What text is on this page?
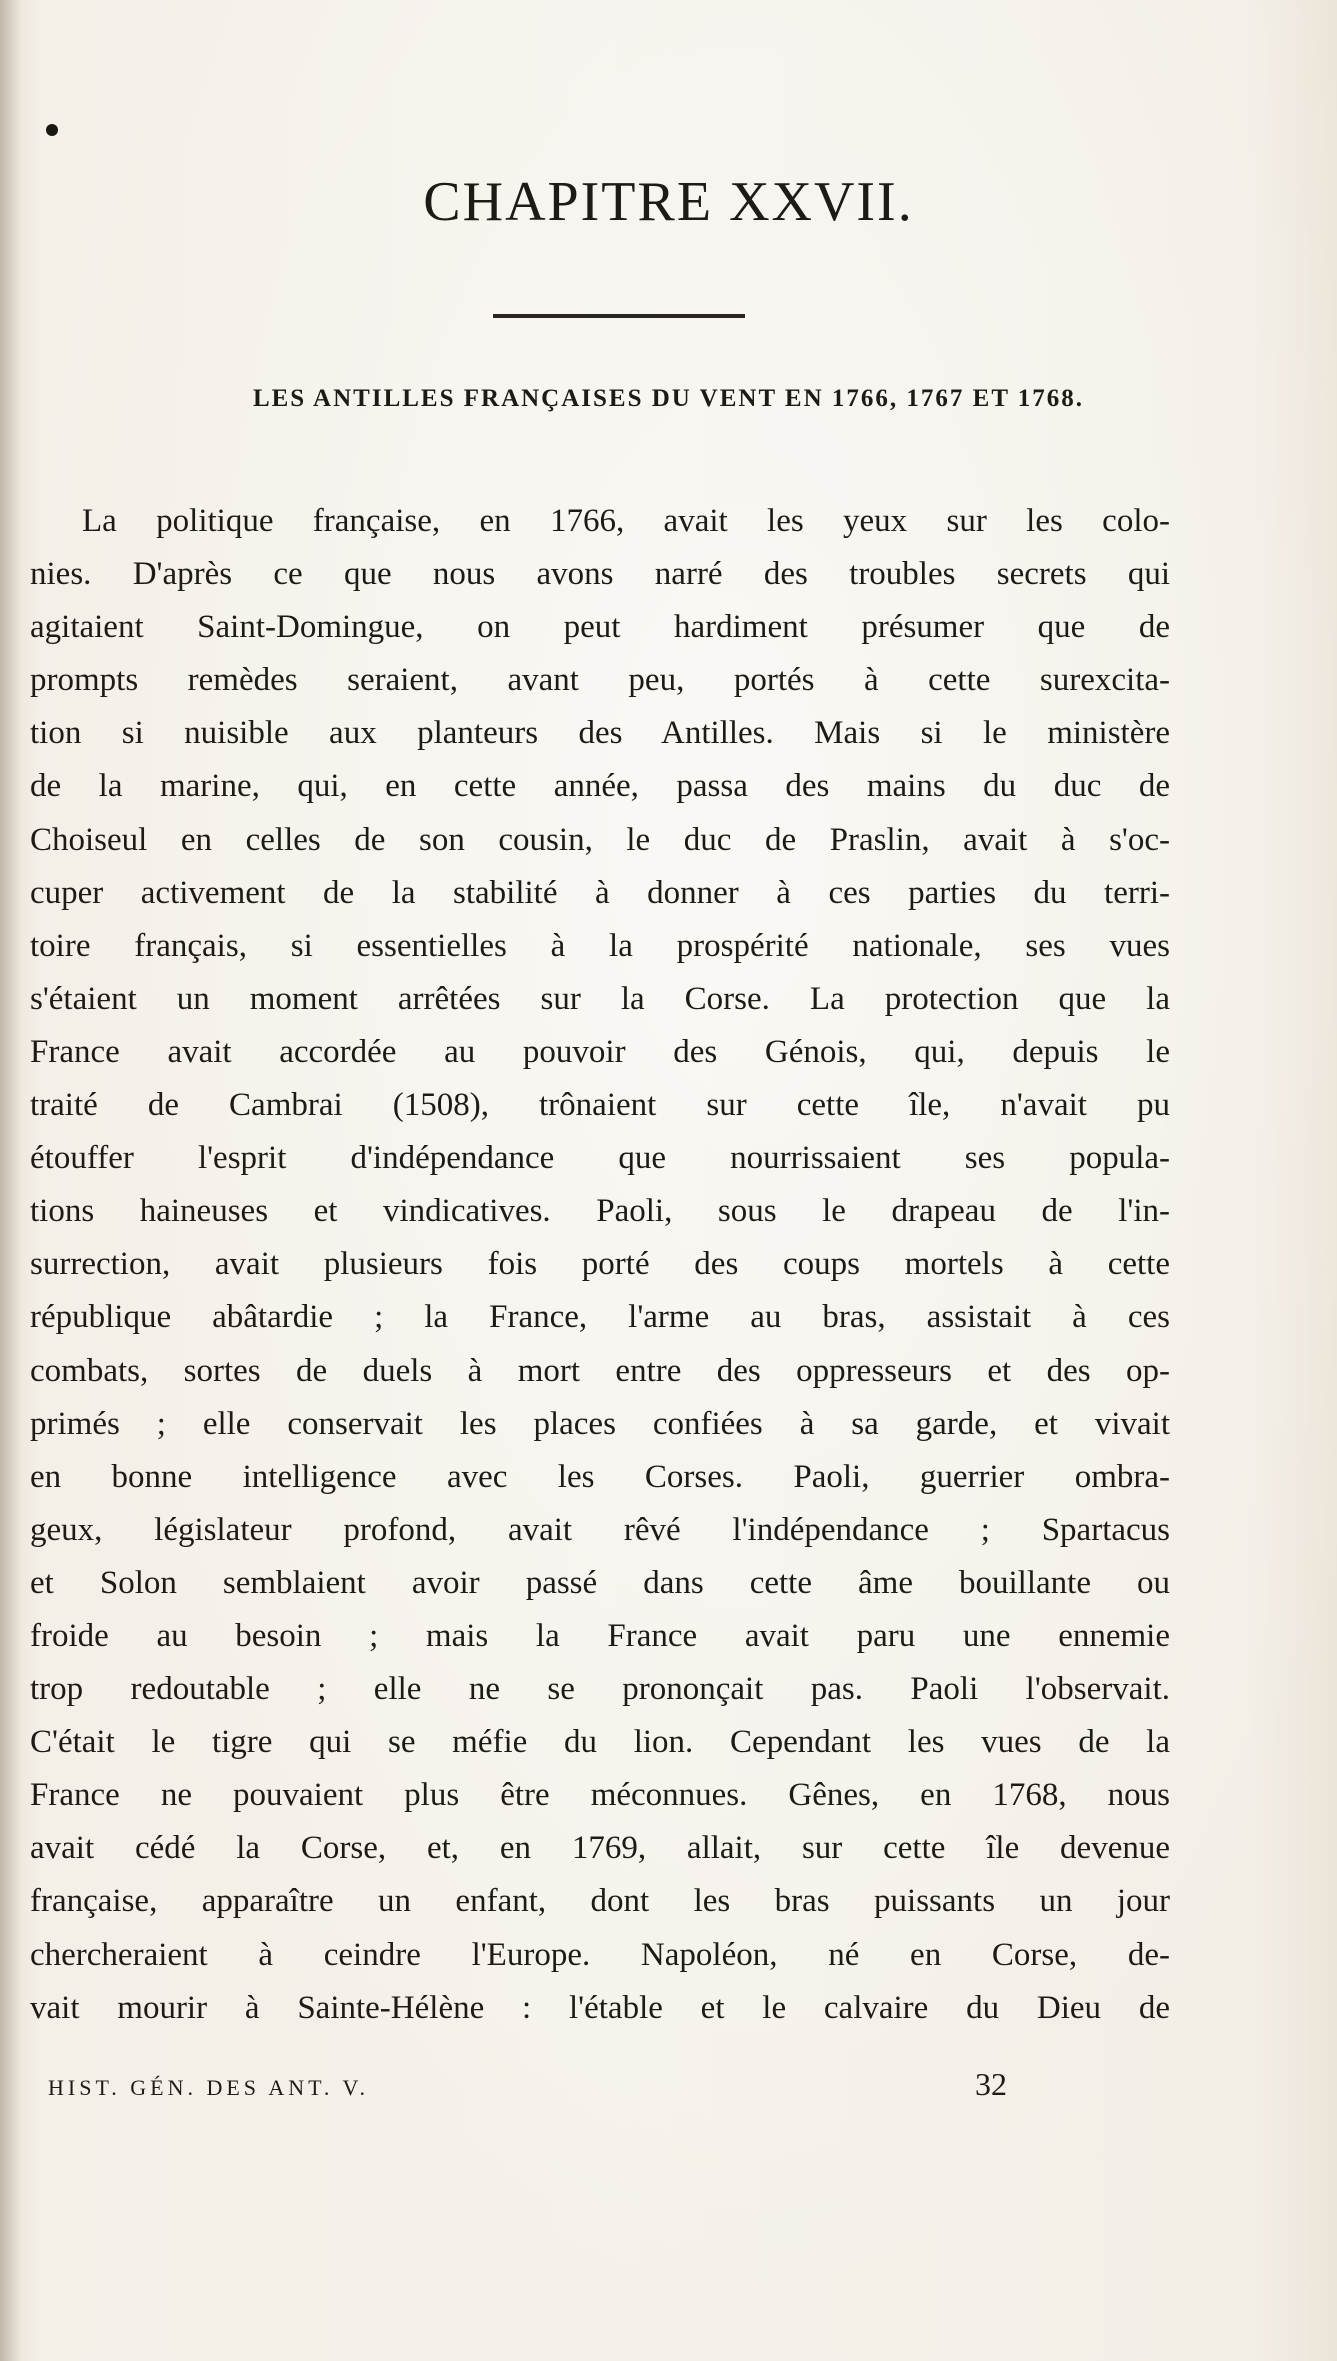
CHAPITRE XXVII.
LES ANTILLES FRANÇAISES DU VENT EN 1766, 1767 ET 1768.
La politique française, en 1766, avait les yeux sur les colo-
nies. D'après ce que nous avons narré des troubles secrets qui
agitaient Saint-Domingue, on peut hardiment présumer que de
prompts remèdes seraient, avant peu, portés à cette surexcita-
tion si nuisible aux planteurs des Antilles. Mais si le ministère
de la marine, qui, en cette année, passa des mains du duc de
Choiseul en celles de son cousin, le duc de Praslin, avait à s'oc-
cuper activement de la stabilité à donner à ces parties du terri-
toire français, si essentielles à la prospérité nationale, ses vues
s'étaient un moment arrêtées sur la Corse. La protection que la
France avait accordée au pouvoir des Génois, qui, depuis le
traité de Cambrai (1508), trônaient sur cette île, n'avait pu
étouffer l'esprit d'indépendance que nourrissaient ses popula-
tions haineuses et vindicatives. Paoli, sous le drapeau de l'in-
surrection, avait plusieurs fois porté des coups mortels à cette
république abâtardie ; la France, l'arme au bras, assistait à ces
combats, sortes de duels à mort entre des oppresseurs et des op-
primés ; elle conservait les places confiées à sa garde, et vivait
en bonne intelligence avec les Corses. Paoli, guerrier ombra-
geux, législateur profond, avait rêvé l'indépendance ; Spartacus
et Solon semblaient avoir passé dans cette âme bouillante ou
froide au besoin ; mais la France avait paru une ennemie
trop redoutable ; elle ne se prononçait pas. Paoli l'observait.
C'était le tigre qui se méfie du lion. Cependant les vues de la
France ne pouvaient plus être méconnues. Gênes, en 1768, nous
avait cédé la Corse, et, en 1769, allait, sur cette île devenue
française, apparaître un enfant, dont les bras puissants un jour
chercheraient à ceindre l'Europe. Napoléon, né en Corse, de-
vait mourir à Sainte-Hélène : l'étable et le calvaire du Dieu de
HIST. GÉN. DES ANT. V.	32
